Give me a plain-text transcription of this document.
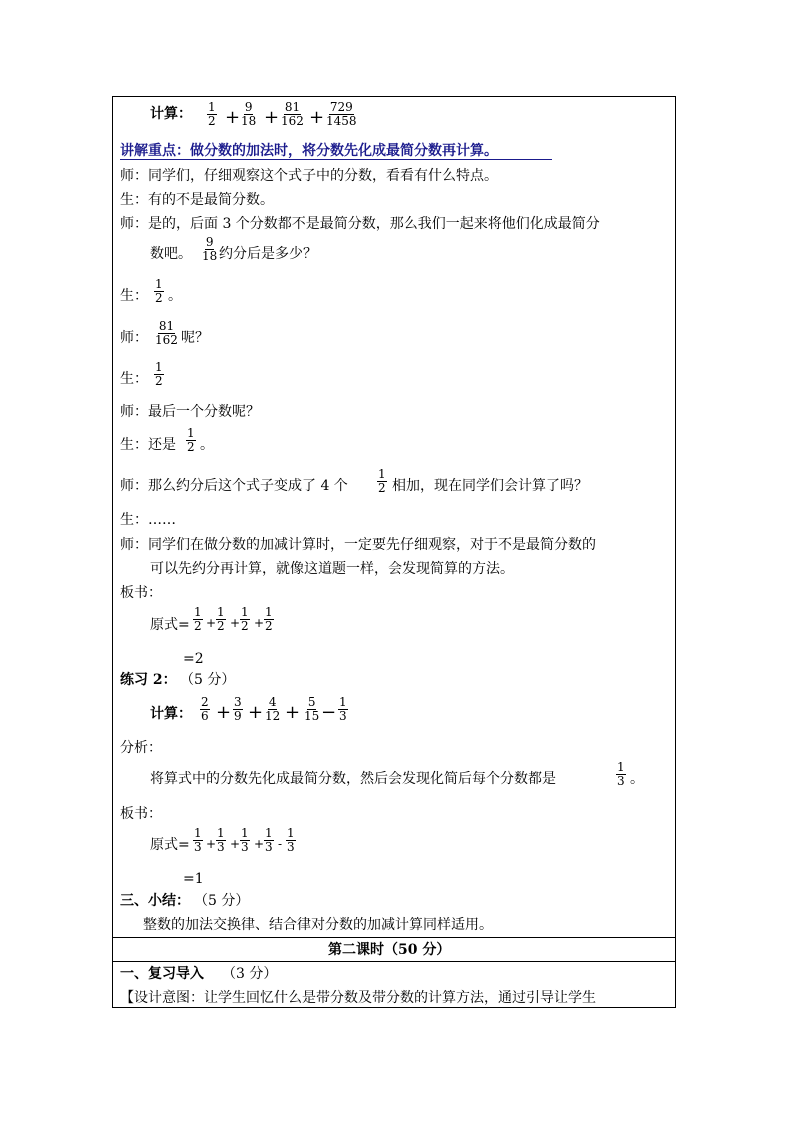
计算： $\frac{1}{2} \frac{9}{18} \frac{81}{162} \frac{729}{1458}$
+ + +
讲解重点：做分数的加法时，将分数先化成最简分数再计算。
师：同学们，仔细观察这个式子中的分数，看看有什么特点。
生：有的不是最简分数。
师：是的，后面 3 个分数都不是最简分数，那么我们一起来将他们化成最简分
数吧。 $\frac{9}{18}$ 约分后是多少？
生： $\frac{1}{2}$ 。
师： $\frac{81}{162}$ 呢？
生： $\frac{1}{2}$
师：最后一个分数呢？
生：还是 $\frac{1}{2}$ 。
师：那么约分后这个式子变成了 4 个 $\frac{1}{2}$ 相加，现在同学们会计算了吗？
生：……
师：同学们在做分数的加减计算时，一定要先仔细观察，对于不是最简分数的
可以先约分再计算，就像这道题一样，会发现简算的方法。
板书：
原式= $\frac{1}{2} \frac{1}{2} \frac{1}{2} \frac{1}{2}$
+ + +
=2
练习 2： （5 分）
计算： $\frac{2}{6} \frac{3}{9} \frac{4}{12} \frac{5}{15} \frac{1}{3}$
+ + + −
分析：
将算式中的分数先化成最简分数，然后会发现化简后每个分数都是	$\frac{1}{3}$ 。
板书：
原式= $\frac{1}{3} \frac{1}{3} \frac{1}{3} \frac{1}{3} \frac{1}{3}$
+ + + -
=1
三、小结： （5 分）
整数的加法交换律、结合律对分数的加减计算同样适用。
第二课时（50 分）
一、复习导入 （3 分）
【设计意图：让学生回忆什么是带分数及带分数的计算方法，通过引导让学生
